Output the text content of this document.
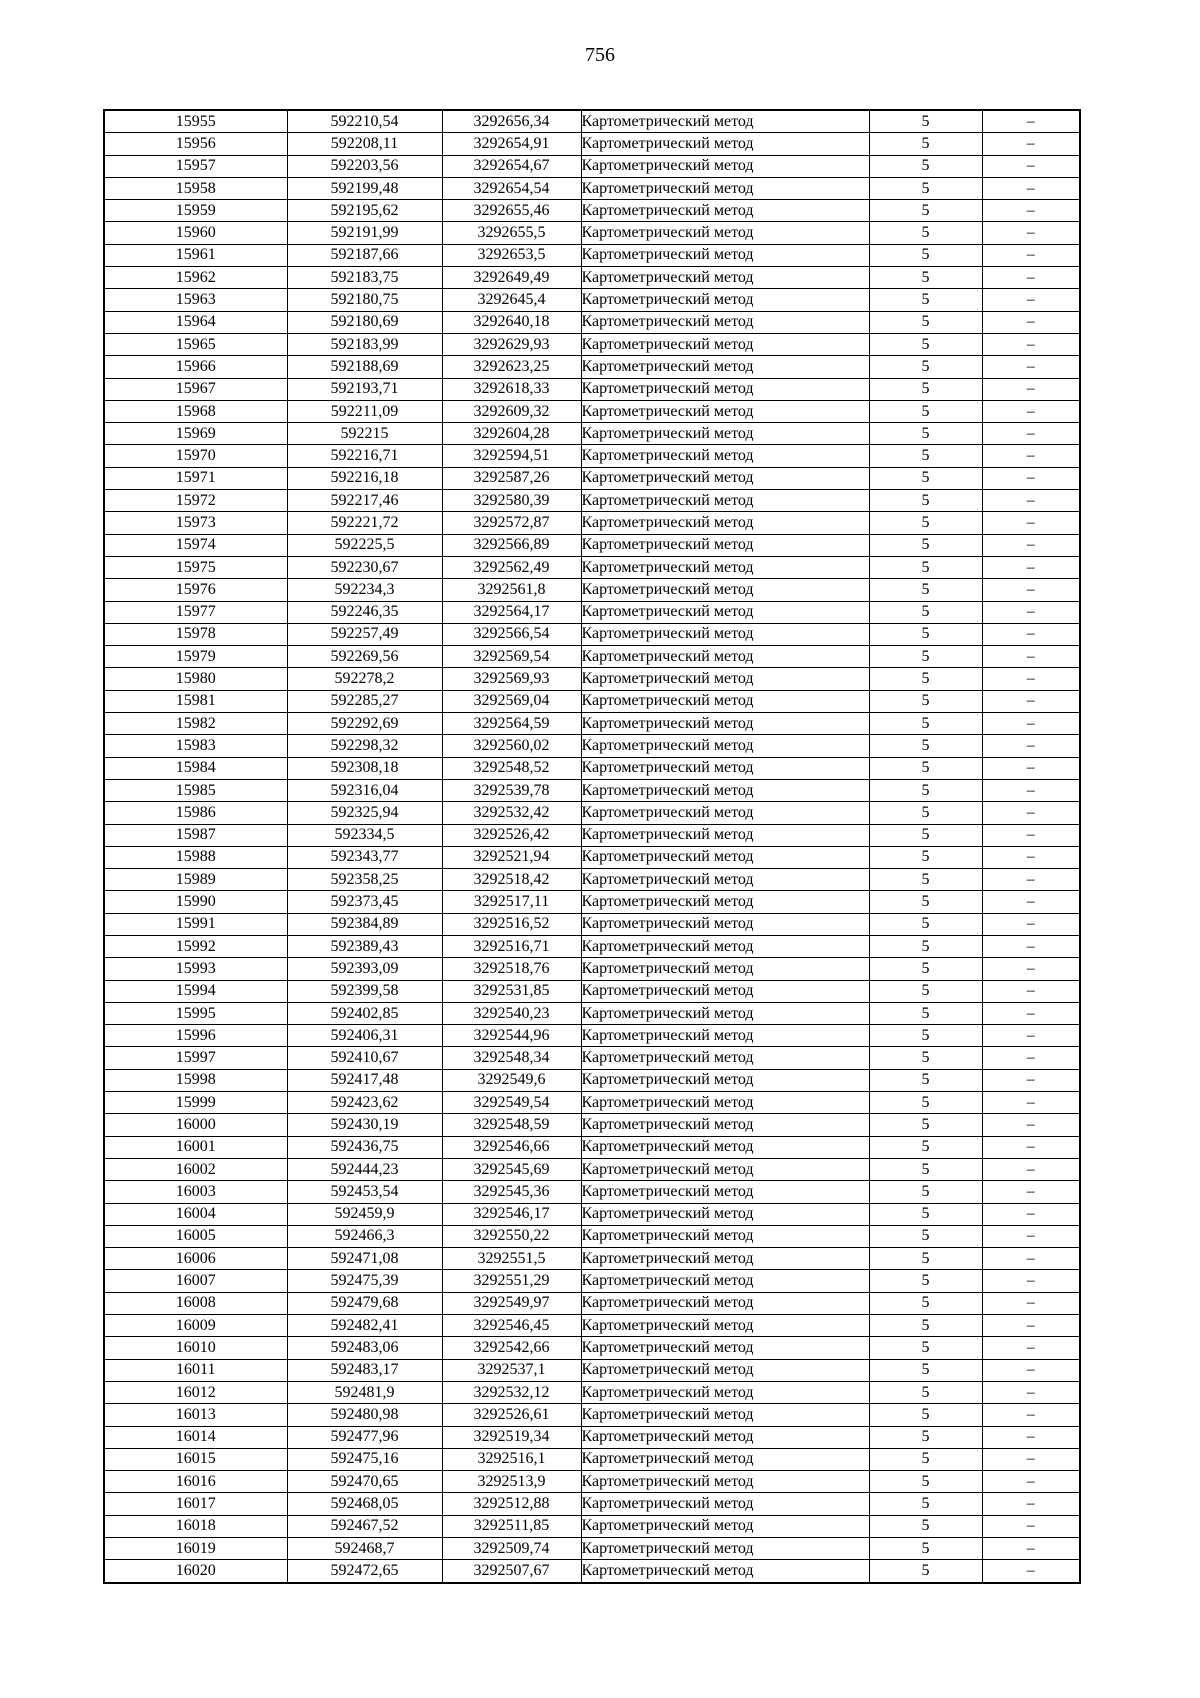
756
15955	592210,54	3292656,34	Картометрический метод	5	–
15956	592208,11	3292654,91	Картометрический метод	5	–
15957	592203,56	3292654,67	Картометрический метод	5	–
15958	592199,48	3292654,54	Картометрический метод	5	–
15959	592195,62	3292655,46	Картометрический метод	5	–
15960	592191,99	3292655,5	Картометрический метод	5	–
15961	592187,66	3292653,5	Картометрический метод	5	–
15962	592183,75	3292649,49	Картометрический метод	5	–
15963	592180,75	3292645,4	Картометрический метод	5	–
15964	592180,69	3292640,18	Картометрический метод	5	–
15965	592183,99	3292629,93	Картометрический метод	5	–
15966	592188,69	3292623,25	Картометрический метод	5	–
15967	592193,71	3292618,33	Картометрический метод	5	–
15968	592211,09	3292609,32	Картометрический метод	5	–
15969	592215	3292604,28	Картометрический метод	5	–
15970	592216,71	3292594,51	Картометрический метод	5	–
15971	592216,18	3292587,26	Картометрический метод	5	–
15972	592217,46	3292580,39	Картометрический метод	5	–
15973	592221,72	3292572,87	Картометрический метод	5	–
15974	592225,5	3292566,89	Картометрический метод	5	–
15975	592230,67	3292562,49	Картометрический метод	5	–
15976	592234,3	3292561,8	Картометрический метод	5	–
15977	592246,35	3292564,17	Картометрический метод	5	–
15978	592257,49	3292566,54	Картометрический метод	5	–
15979	592269,56	3292569,54	Картометрический метод	5	–
15980	592278,2	3292569,93	Картометрический метод	5	–
15981	592285,27	3292569,04	Картометрический метод	5	–
15982	592292,69	3292564,59	Картометрический метод	5	–
15983	592298,32	3292560,02	Картометрический метод	5	–
15984	592308,18	3292548,52	Картометрический метод	5	–
15985	592316,04	3292539,78	Картометрический метод	5	–
15986	592325,94	3292532,42	Картометрический метод	5	–
15987	592334,5	3292526,42	Картометрический метод	5	–
15988	592343,77	3292521,94	Картометрический метод	5	–
15989	592358,25	3292518,42	Картометрический метод	5	–
15990	592373,45	3292517,11	Картометрический метод	5	–
15991	592384,89	3292516,52	Картометрический метод	5	–
15992	592389,43	3292516,71	Картометрический метод	5	–
15993	592393,09	3292518,76	Картометрический метод	5	–
15994	592399,58	3292531,85	Картометрический метод	5	–
15995	592402,85	3292540,23	Картометрический метод	5	–
15996	592406,31	3292544,96	Картометрический метод	5	–
15997	592410,67	3292548,34	Картометрический метод	5	–
15998	592417,48	3292549,6	Картометрический метод	5	–
15999	592423,62	3292549,54	Картометрический метод	5	–
16000	592430,19	3292548,59	Картометрический метод	5	–
16001	592436,75	3292546,66	Картометрический метод	5	–
16002	592444,23	3292545,69	Картометрический метод	5	–
16003	592453,54	3292545,36	Картометрический метод	5	–
16004	592459,9	3292546,17	Картометрический метод	5	–
16005	592466,3	3292550,22	Картометрический метод	5	–
16006	592471,08	3292551,5	Картометрический метод	5	–
16007	592475,39	3292551,29	Картометрический метод	5	–
16008	592479,68	3292549,97	Картометрический метод	5	–
16009	592482,41	3292546,45	Картометрический метод	5	–
16010	592483,06	3292542,66	Картометрический метод	5	–
16011	592483,17	3292537,1	Картометрический метод	5	–
16012	592481,9	3292532,12	Картометрический метод	5	–
16013	592480,98	3292526,61	Картометрический метод	5	–
16014	592477,96	3292519,34	Картометрический метод	5	–
16015	592475,16	3292516,1	Картометрический метод	5	–
16016	592470,65	3292513,9	Картометрический метод	5	–
16017	592468,05	3292512,88	Картометрический метод	5	–
16018	592467,52	3292511,85	Картометрический метод	5	–
16019	592468,7	3292509,74	Картометрический метод	5	–
16020	592472,65	3292507,67	Картометрический метод	5	–
